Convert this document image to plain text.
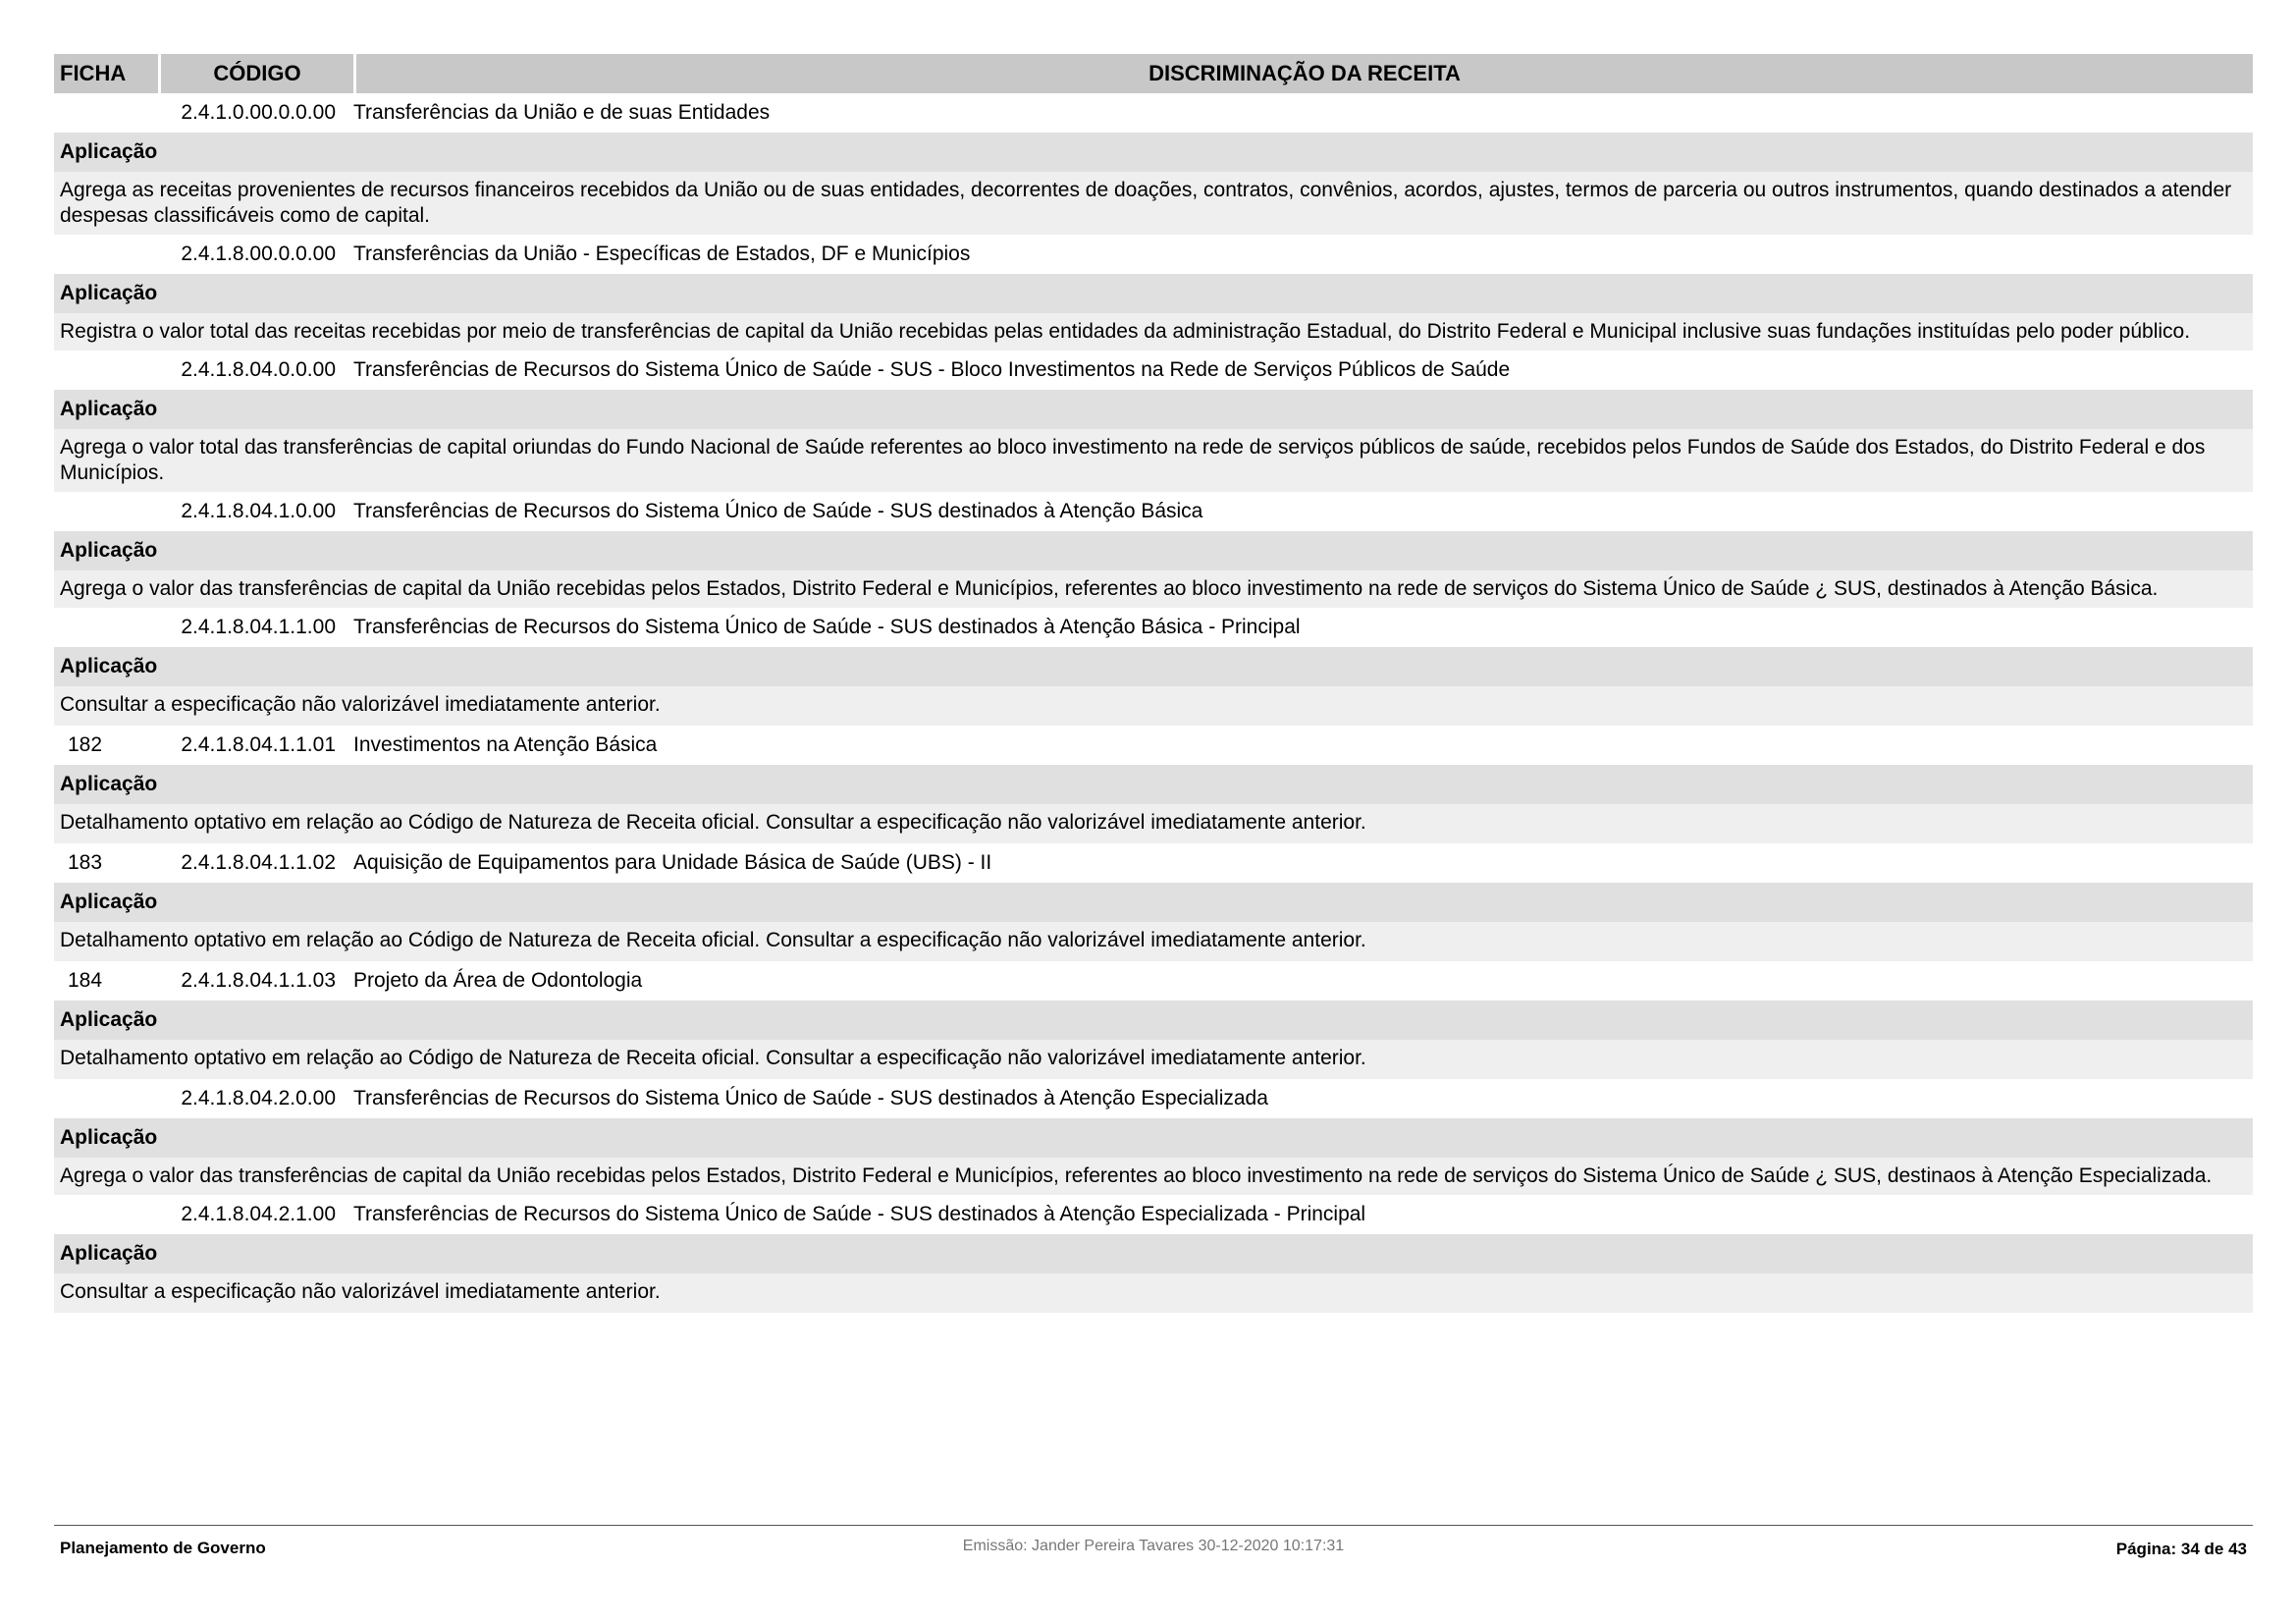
FICHA	CÓDIGO	DISCRIMINAÇÃO DA RECEITA
2.4.1.0.00.0.0.00 Transferências da União e de suas Entidades
Aplicação
Agrega as receitas provenientes de recursos financeiros recebidos da União ou de suas entidades, decorrentes de doações, contratos, convênios, acordos, ajustes, termos de parceria ou outros instrumentos, quando destinados a atender despesas classificáveis como de capital.
2.4.1.8.00.0.0.00 Transferências da União - Específicas de Estados, DF e Municípios
Aplicação
Registra o valor total das receitas recebidas por meio de transferências de capital da União recebidas pelas entidades da administração Estadual, do Distrito Federal e Municipal inclusive suas fundações instituídas pelo poder público.
2.4.1.8.04.0.0.00 Transferências de Recursos do Sistema Único de Saúde - SUS - Bloco Investimentos na Rede de Serviços Públicos de Saúde
Aplicação
Agrega o valor total das transferências de capital oriundas do Fundo Nacional de Saúde referentes ao bloco investimento na rede de serviços públicos de saúde, recebidos pelos Fundos de Saúde dos Estados, do Distrito Federal e dos Municípios.
2.4.1.8.04.1.0.00 Transferências de Recursos do Sistema Único de Saúde - SUS destinados à Atenção Básica
Aplicação
Agrega o valor das transferências de capital da União recebidas pelos Estados, Distrito Federal e Municípios, referentes ao bloco investimento na rede de serviços do Sistema Único de Saúde ¿ SUS, destinados à Atenção Básica.
2.4.1.8.04.1.1.00 Transferências de Recursos do Sistema Único de Saúde - SUS destinados à Atenção Básica - Principal
Aplicação
Consultar a especificação não valorizável imediatamente anterior.
182	2.4.1.8.04.1.1.01 Investimentos na Atenção Básica
Aplicação
Detalhamento optativo em relação ao Código de Natureza de Receita oficial. Consultar a especificação não valorizável imediatamente anterior.
183	2.4.1.8.04.1.1.02 Aquisição de Equipamentos para Unidade Básica de Saúde (UBS) - II
Aplicação
Detalhamento optativo em relação ao Código de Natureza de Receita oficial. Consultar a especificação não valorizável imediatamente anterior.
184	2.4.1.8.04.1.1.03 Projeto da Área de Odontologia
Aplicação
Detalhamento optativo em relação ao Código de Natureza de Receita oficial. Consultar a especificação não valorizável imediatamente anterior.
2.4.1.8.04.2.0.00 Transferências de Recursos do Sistema Único de Saúde - SUS destinados à Atenção Especializada
Aplicação
Agrega o valor das transferências de capital da União recebidas pelos Estados, Distrito Federal e Municípios, referentes ao bloco investimento na rede de serviços do Sistema Único de Saúde ¿ SUS, destinaos à Atenção Especializada.
2.4.1.8.04.2.1.00 Transferências de Recursos do Sistema Único de Saúde - SUS destinados à Atenção Especializada - Principal
Aplicação
Consultar a especificação não valorizável imediatamente anterior.
Planejamento de Governo	Emissão: Jander Pereira Tavares 30-12-2020 10:17:31	Página: 34 de 43
